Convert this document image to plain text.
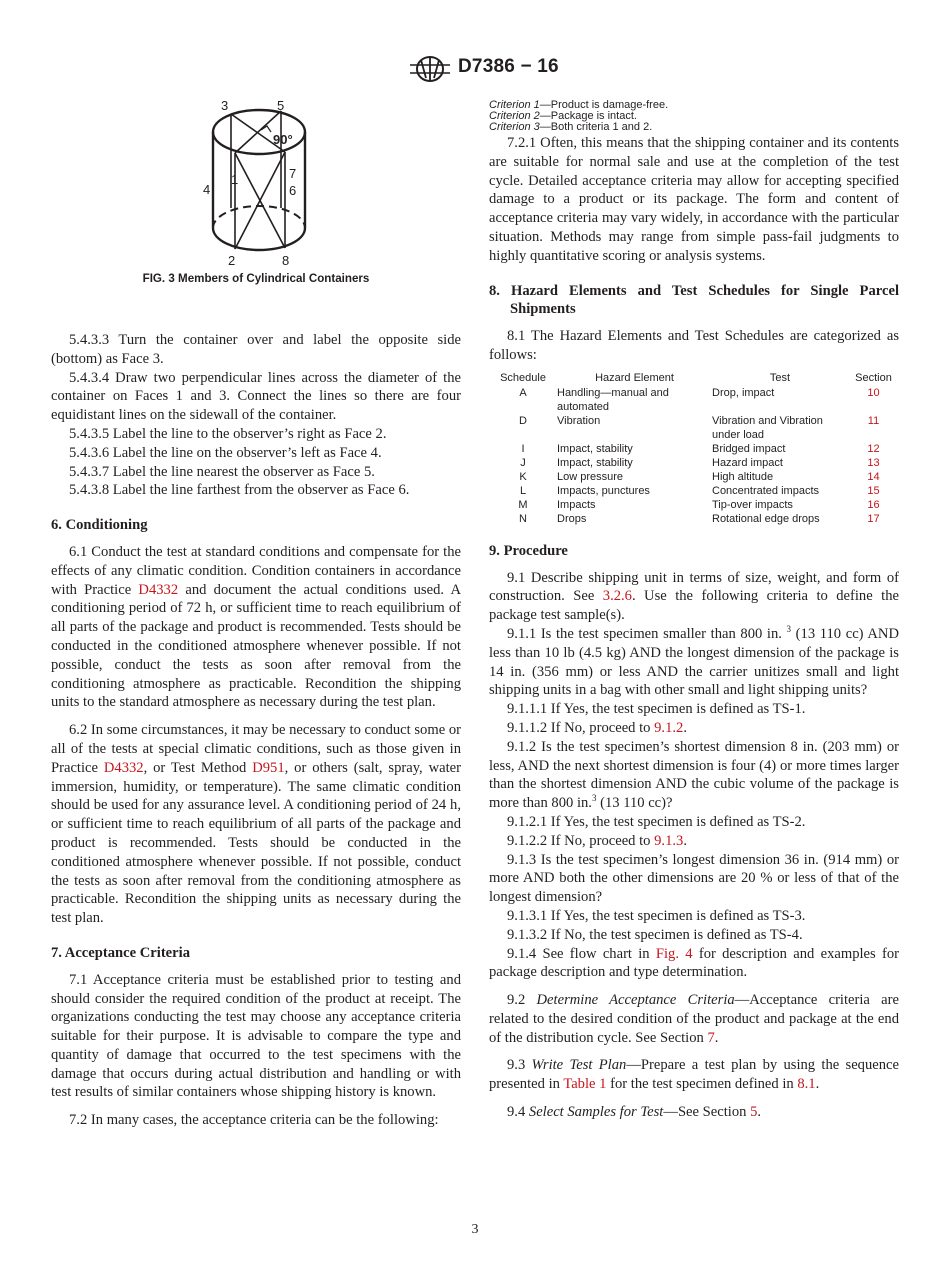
D7386 − 16
3	5
90°
1	7
4	6
2	8
FIG. 3 Members of Cylindrical Containers

5.4.3.3 Turn the container over and label the opposite side (bottom) as Face 3.

5.4.3.4 Draw two perpendicular lines across the diameter of the container on Faces 1 and 3. Connect the lines so there are four equidistant lines on the sidewall of the container.

5.4.3.5 Label the line to the observer’s right as Face 2.

5.4.3.6 Label the line on the observer’s left as Face 4.

5.4.3.7 Label the line nearest the observer as Face 5.

5.4.3.8 Label the line farthest from the observer as Face 6.

6. Conditioning

6.1 Conduct the test at standard conditions and compensate for the effects of any climatic condition. Condition containers in accordance with Practice D4332 and document the actual conditions used. A conditioning period of 72 h, or sufficient time to reach equilibrium of all parts of the package and product is recommended. Tests should be conducted in the conditioned atmosphere whenever possible. If not possible, conduct the tests as soon after removal from the conditioning atmosphere as practicable. Recondition the shipping units to the standard atmosphere as necessary during the test plan.

6.2 In some circumstances, it may be necessary to conduct some or all of the tests at special climatic conditions, such as those given in Practice D4332, or Test Method D951, or others (salt, spray, water immersion, humidity, or temperature). The same climatic condition should be used for any assurance level. A conditioning period of 24 h, or sufficient time to reach equilibrium of all parts of the package and product is recommended. Tests should be conducted in the conditioned atmosphere whenever possible. If not possible, conduct the tests as soon after removal from the conditioning atmosphere as practicable. Recondition the shipping units as necessary during the test plan.

7. Acceptance Criteria

7.1 Acceptance criteria must be established prior to testing and should consider the required condition of the product at receipt. The organizations conducting the test may choose any acceptance criteria suitable for their purpose. It is advisable to compare the type and quantity of damage that occurred to the test specimens with the damage that occurs during actual distribution and handling or with test results of similar containers whose shipping history is known.

7.2 In many cases, the acceptance criteria can be the following:

Criterion 1—Product is damage-free.

Criterion 2—Package is intact.

Criterion 3—Both criteria 1 and 2.

7.2.1 Often, this means that the shipping container and its contents are suitable for normal sale and use at the completion of the test cycle. Detailed acceptance criteria may allow for accepting specified damage to a product or its package. The form and content of acceptance criteria may vary widely, in accordance with the particular situation. Methods may range from simple pass-fail judgments to highly quantitative scoring or analysis systems.

8. Hazard Elements and Test Schedules for Single Parcel Shipments

8.1 The Hazard Elements and Test Schedules are categorized as follows:

Schedule	Hazard Element	Test	Section
A	Handling—manual and automated	Drop, impact	10
D	Vibration	Vibration and Vibration under load	11
I	Impact, stability	Bridged impact	12
J	Impact, stability	Hazard impact	13
K	Low pressure	High altitude	14
L	Impacts, punctures	Concentrated impacts	15
M	Impacts	Tip-over impacts	16
N	Drops	Rotational edge drops	17

9. Procedure

9.1 Describe shipping unit in terms of size, weight, and form of construction. See 3.2.6. Use the following criteria to define the package test sample(s).

9.1.1 Is the test specimen smaller than 800 in. $^3$ (13 110 cc) AND less than 10 lb (4.5 kg) AND the longest dimension of the package is 14 in. (356 mm) or less AND the carrier unitizes small and light shipping units in a bag with other small and light shipping units?

9.1.1.1 If Yes, the test specimen is defined as TS-1.

9.1.1.2 If No, proceed to 9.1.2.

9.1.2 Is the test specimen’s shortest dimension 8 in. (203 mm) or less, AND the next shortest dimension is four (4) or more times larger than the shortest dimension AND the cubic volume of the package is more than 800 in.$^3$ (13 110 cc)?

9.1.2.1 If Yes, the test specimen is defined as TS-2.

9.1.2.2 If No, proceed to 9.1.3.

9.1.3 Is the test specimen’s longest dimension 36 in. (914 mm) or more AND both the other dimensions are 20 % or less of that of the longest dimension?

9.1.3.1 If Yes, the test specimen is defined as TS-3.

9.1.3.2 If No, the test specimen is defined as TS-4.

9.1.4 See flow chart in Fig. 4 for description and examples for package description and type determination.

9.2 Determine Acceptance Criteria—Acceptance criteria are related to the desired condition of the product and package at the end of the distribution cycle. See Section 7.

9.3 Write Test Plan—Prepare a test plan by using the sequence presented in Table 1 for the test specimen defined in 8.1.

9.4 Select Samples for Test—See Section 5.

3
